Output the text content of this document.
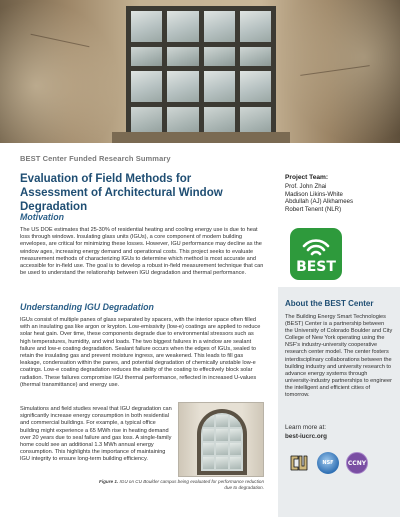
BEST Center Funded Research Summary
Evaluation of Field Methods for Assessment of Architectural Window Degradation
Motivation
The US DOE estimates that 25-30% of residential heating and cooling energy use is due to heat loss through windows. Insulating glass units (IGUs), a core component of modern building envelopes, are critical for minimizing these losses. However, IGU performance may decline as the window ages, increasing energy demand and operational costs. This project seeks to evaluate measurement methods of characterizing IGUs to determine which method is most accurate and accessible for in-field use. The goal is to develop a robust in-field measurement technique that can be used to understand the relationship between IGU degradation and thermal performance.
Understanding IGU Degradation
IGUs consist of multiple panes of glass separated by spacers, with the interior space often filled with an insulating gas like argon or krypton. Low-emissivity (low-e) coatings are applied to reduce solar heat gain. Over time, these components degrade due to environmental stressors such as high temperatures, humidity, and wind loads. The two biggest failures in a window are sealant failure and low-e coating degradation. Sealant failure occurs when the edges of IGUs, sealed to retain the insulating gas and prevent moisture ingress, are weakened. This leads to fill gas leakage, condensation within the panes, and potential degradation of chemically unstable low-e coatings. Low-e coating degradation reduces the ability of the coating to effectively block solar radiation. These failures compromise IGU thermal performance, reflected in increased U-values (thermal transmittance) and energy use.
Simulations and field studies reveal that IGU degradation can significantly increase energy consumption in both residential and commercial buildings. For example, a typical office building might experience a 65 MWh rise in heating demand over 20 years due to seal failure and gas loss. A single-family home could see an additional 1.3 MWh annual energy consumption. This highlights the importance of maintaining IGU integrity to ensure long-term building efficiency.
Figure 1. IGU on CU Boulder campus being evaluated for performance reduction due to degradation.
Project Team:
Prof. John Zhai
Madison Likins-White
Abdullah (AJ) Alkhamees
Robert Tenent (NLR)
BEST
About the BEST Center
The Building Energy Smart Technologies (BEST) Center is a partnership between the University of Colorado Boulder and City College of New York operating using the NSF's industry-university cooperative research center model. The center fosters interdisciplinary collaborations between the building industry and university research to advance energy systems through university-industry partnerships to engineer the intelligent and efficient cities of tomorrow.
Learn more at:
best-iucrc.org
NSF	CCNY
